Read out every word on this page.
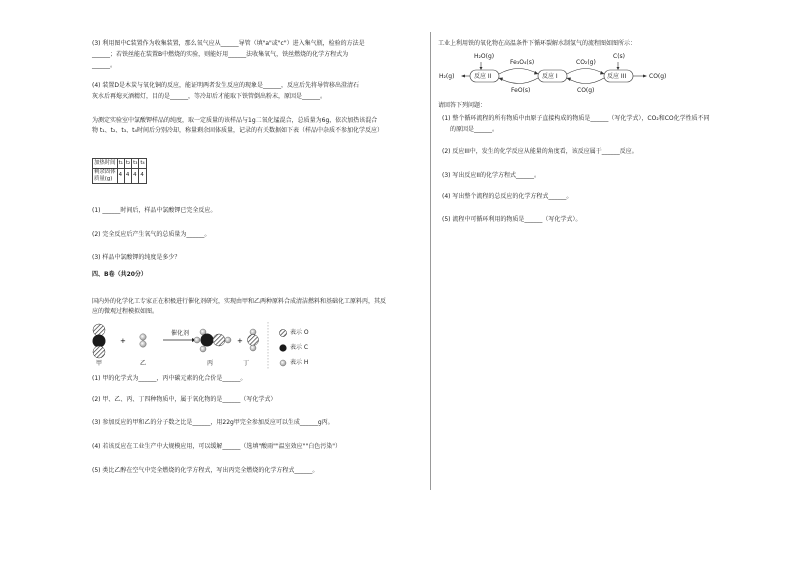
(3) 利用图中C装置作为收集装置，那么氧气应从______导管（填"a"或"c"）进入集气瓶，检验的方法是
______；若铁丝能在装置B中燃烧的实验，则能好用______法收集氧气，铁丝燃烧的化学方程式为
______。
(4) 装置D是木炭与氧化铜的反应，能证明两者发生反应的现象是______，反应后先将导管移出澄清石
灰水后再熄灭酒精灯，目的是______，等冷却后才能取下铁管倒出粉末，原因是______。
为测定实验室中氯酸钾样品的纯度，取一定质量的该样品与1g二氧化锰混合，总质量为6g，依次加热该混合
物 t₁、t₂、t₃、t₄时间后分别冷却，称量剩余固体质量，记录的有关数据如下表（样品中杂质不参加化学反应）
加热时间	t₁	t₂	t₃	t₄

剩余固体
质量(g)	4	4	4	4
(1) ______时间后，样品中氯酸钾已完全反应。
(2) 完全反应后产生氧气的总质量为______。
(3) 样品中氯酸钾的纯度是多少？
四、B卷（共20分）
国内外的化学化工专家正在积极进行催化剂研究，实现由甲和乙两种原料合成清洁燃料和基础化工原料丙，其反
应的微观过程模拟如图。
+	+
催化剂
甲	乙	丙	丁
表示 O
表示 C
表示 H
(1) 甲的化学式为______，丙中碳元素的化合价是______。
(2) 甲、乙、丙、丁四种物质中，属于氧化物的是______（写化学式）
(3) 参加反应的甲和乙的分子数之比是______，用22g甲完全参加反应可以生成______g丙。
(4) 若该反应在工业生产中大规模应用，可以缓解______（选填"酸雨""温室效应""白色污染"）
(5) 类比乙醇在空气中完全燃烧的化学方程式，写出丙完全燃烧的化学方程式______。
工业上利用铁的氧化物在高温条件下循环裂解水制氢气的流程图如图所示：
H₂O(g)
Fe₃O₄(s)	CO₂(g)
C(s)
H₂(g)	反应 II	反应 I	反应 III	CO(g)
FeO(s)	CO(g)
请回答下列问题：
(1) 整个循环流程的所有物质中由原子直接构成的物质是______（写化学式），CO₂和CO化学性质不同
的原因是______。
(2) 反应III中，发生的化学反应从能量的角度看，该反应属于______反应。
(3) 写出反应II的化学方程式______。
(4) 写出整个流程的总反应的化学方程式______。
(5) 流程中可循环利用的物质是______（写化学式）。
